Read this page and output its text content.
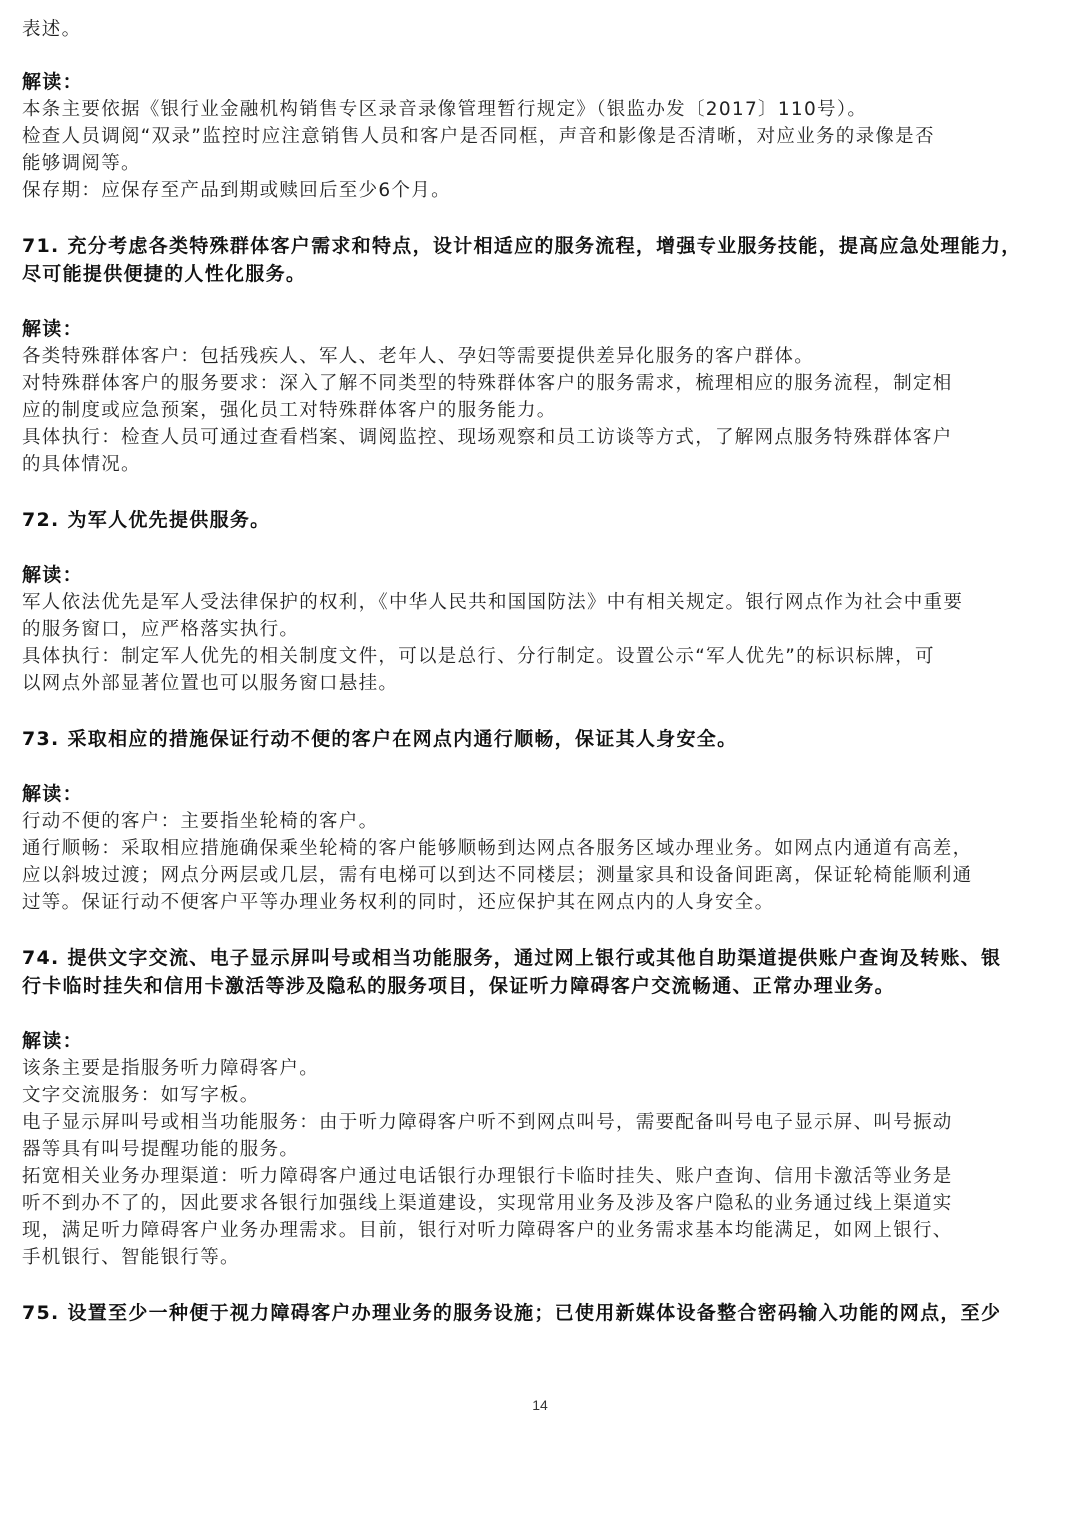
表述。
解读：
本条主要依据《银行业金融机构销售专区录音录像管理暂行规定》（银监办发〔2017〕110号）。
检查人员调阅“双录”监控时应注意销售人员和客户是否同框，声音和影像是否清晰，对应业务的录像是否
能够调阅等。
保存期：应保存至产品到期或赎回后至少6个月。
71. 充分考虑各类特殊群体客户需求和特点，设计相适应的服务流程，增强专业服务技能，提高应急处理能力，
尽可能提供便捷的人性化服务。
解读：
各类特殊群体客户：包括残疾人、军人、老年人、孕妇等需要提供差异化服务的客户群体。
对特殊群体客户的服务要求：深入了解不同类型的特殊群体客户的服务需求，梳理相应的服务流程，制定相
应的制度或应急预案，强化员工对特殊群体客户的服务能力。
具体执行：检查人员可通过查看档案、调阅监控、现场观察和员工访谈等方式，了解网点服务特殊群体客户
的具体情况。
72. 为军人优先提供服务。
解读：
军人依法优先是军人受法律保护的权利，《中华人民共和国国防法》中有相关规定。银行网点作为社会中重要
的服务窗口，应严格落实执行。
具体执行：制定军人优先的相关制度文件，可以是总行、分行制定。设置公示“军人优先”的标识标牌，可
以网点外部显著位置也可以服务窗口悬挂。
73. 采取相应的措施保证行动不便的客户在网点内通行顺畅，保证其人身安全。
解读：
行动不便的客户：主要指坐轮椅的客户。
通行顺畅：采取相应措施确保乘坐轮椅的客户能够顺畅到达网点各服务区域办理业务。如网点内通道有高差，
应以斜坡过渡；网点分两层或几层，需有电梯可以到达不同楼层；测量家具和设备间距离，保证轮椅能顺利通
过等。保证行动不便客户平等办理业务权利的同时，还应保护其在网点内的人身安全。
74. 提供文字交流、电子显示屏叫号或相当功能服务，通过网上银行或其他自助渠道提供账户查询及转账、银
行卡临时挂失和信用卡激活等涉及隐私的服务项目，保证听力障碍客户交流畅通、正常办理业务。
解读：
该条主要是指服务听力障碍客户。
文字交流服务：如写字板。
电子显示屏叫号或相当功能服务：由于听力障碍客户听不到网点叫号，需要配备叫号电子显示屏、叫号振动
器等具有叫号提醒功能的服务。
拓宽相关业务办理渠道：听力障碍客户通过电话银行办理银行卡临时挂失、账户查询、信用卡激活等业务是
听不到办不了的，因此要求各银行加强线上渠道建设，实现常用业务及涉及客户隐私的业务通过线上渠道实
现，满足听力障碍客户业务办理需求。目前，银行对听力障碍客户的业务需求基本均能满足，如网上银行、
手机银行、智能银行等。
75. 设置至少一种便于视力障碍客户办理业务的服务设施；已使用新媒体设备整合密码输入功能的网点，至少
14
